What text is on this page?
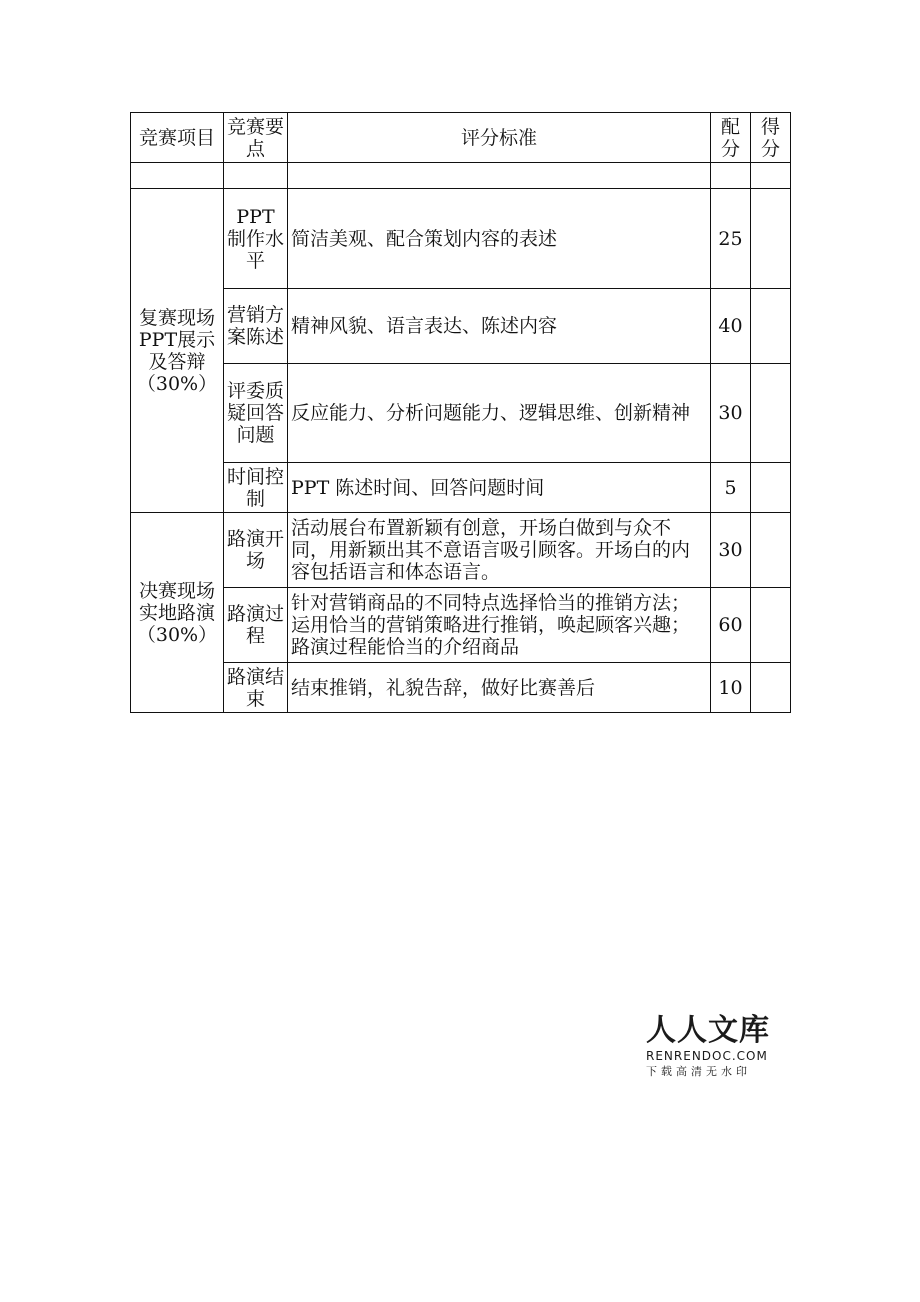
竞赛项目	竞赛要点	评分标准	配分	得分

复赛现场PPT展示及答辩（30%）	PPT制作水平	简洁美观、配合策划内容的表述	25	
	营销方案陈述	精神风貌、语言表达、陈述内容	40	
	评委质疑回答问题	反应能力、分析问题能力、逻辑思维、创新精神	30	
	时间控制	PPT 陈述时间、回答问题时间	5	
决赛现场实地路演（30%）	路演开场	活动展台布置新颖有创意，开场白做到与众不同，用新颖出其不意语言吸引顾客。开场白的内容包括语言和体态语言。	30	
	路演过程	针对营销商品的不同特点选择恰当的推销方法；运用恰当的营销策略进行推销，唤起顾客兴趣；路演过程能恰当的介绍商品	60	
	路演结束	结束推销，礼貌告辞，做好比赛善后	10	
人人文库
RENRENDOC.COM
下载高清无水印
